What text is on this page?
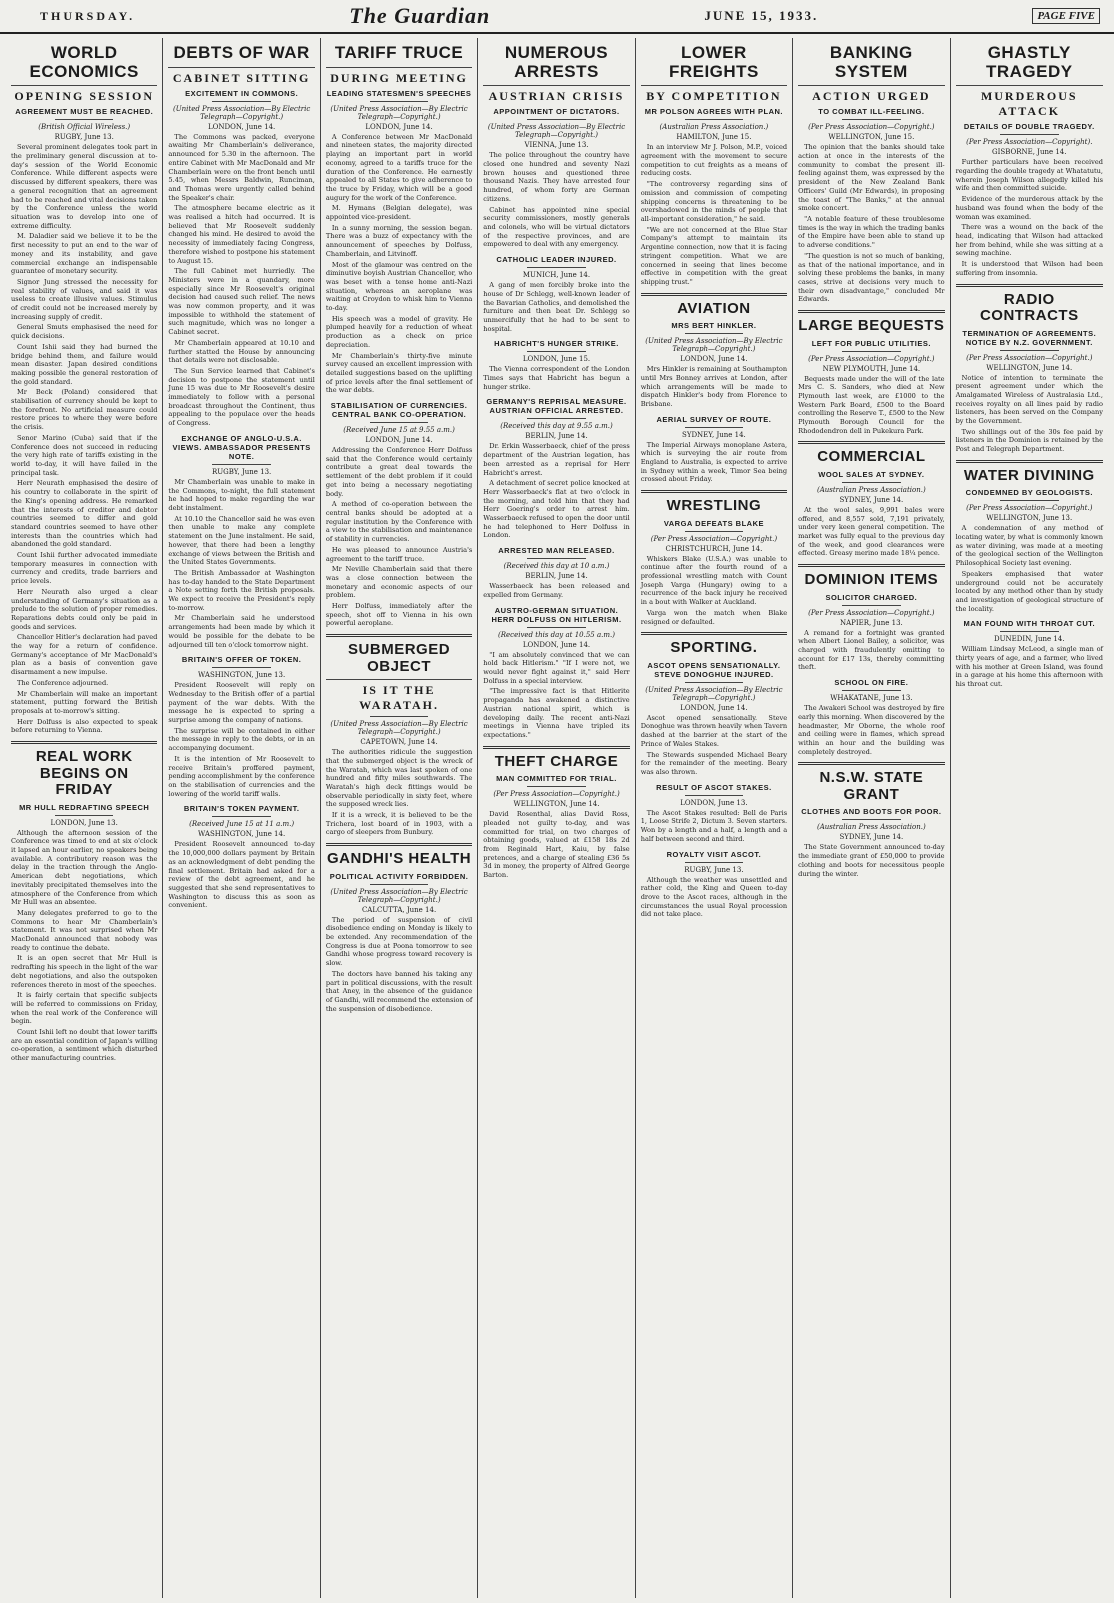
THURSDAY.	The Guardian	JUNE 15, 1933.	PAGE FIVE
WORLD ECONOMICS
OPENING SESSION
AGREEMENT MUST BE REACHED.
(British Official Wireless.)
RUGBY, June 13.

Several prominent delegates took part in the preliminary general discussion at to-day's session of the World Economic Conference. While different aspects were discussed by different speakers, there was a general recognition that an agreement had to be reached and vital decisions taken by the Conference unless the world situation was to develop into one of extreme difficulty.

M. Daladier said we believe it to be the first necessity to put an end to the war of money and its instability, and gave commercial exchange an indispensable guarantee of monetary security.

Signor Jung stressed the necessity for real stability of values, and said it was useless to create illusive values. Stimulus of credit could not be increased merely by increasing supply of credit.

General Smuts emphasised the need for quick decisions.

Count Ishii said they had burned the bridge behind them, and failure would mean disaster. Japan desired conditions making possible the general restoration of the gold standard.

Mr Beck (Poland) considered that stabilisation of currency should be kept to the forefront. No artificial measure could restore prices to where they were before the crisis.

Senor Marino (Cuba) said that if the Conference does not succeed in reducing the very high rate of tariffs existing in the world to-day, it will have failed in the principal task.

Herr Neurath emphasised the desire of his country to collaborate in the spirit of the King's opening address. He remarked that the interests of creditor and debtor countries seemed to differ and gold standard countries seemed to have other interests than the countries which had abandoned the gold standard.

Count Ishii further advocated immediate temporary measures in connection with currency and credits, trade barriers and price levels.

Herr Neurath also urged a clear understanding of Germany's situation as a prelude to the solution of proper remedies. Reparations debts could only be paid in goods and services.

Chancellor Hitler's declaration had paved the way for a return of confidence. Germany's acceptance of Mr MacDonald's plan as a basis of convention gave disarmament a new impulse.

The Conference adjourned.

Mr Chamberlain will make an important statement, putting forward the British proposals at to-morrow's sitting.

Herr Dolfuss is also expected to speak before returning to Vienna.

REAL WORK BEGINS ON FRIDAY
MR HULL REDRAFTING SPEECH
LONDON, June 13.

Although the afternoon session of the Conference was timed to end at six o'clock it lapsed an hour earlier, no speakers being available. A contributory reason was the delay in the traction through the Anglo-American debt negotiations, which inevitably precipitated themselves into the atmosphere of the Conference from which Mr Hull was an absentee.

Many delegates preferred to go to the Commons to hear Mr Chamberlain's statement. It was not surprised when Mr MacDonald announced that nobody was ready to continue the debate.

It is an open secret that Mr Hull is redrafting his speech in the light of the war debt negotiations, and also the outspoken references thereto in most of the speeches.

It is fairly certain that specific subjects will be referred to commissions on Friday, when the real work of the Conference will begin.

Count Ishii left no doubt that lower tariffs are an essential condition of Japan's willing co-operation, a sentiment which disturbed other manufacturing countries.

DEBTS OF WAR
CABINET SITTING
EXCITEMENT IN COMMONS.
(United Press Association—By Electric Telegraph—Copyright.)
LONDON, June 14.

The Commons was packed, everyone awaiting Mr Chamberlain's deliverance, announced for 5.30 in the afternoon. The entire Cabinet with Mr MacDonald and Mr Chamberlain were on the front bench until 5.45, when Messrs Baldwin, Runciman, and Thomas were urgently called behind the Speaker's chair.

The atmosphere became electric as it was realised a hitch had occurred. It is believed that Mr Roosevelt suddenly changed his mind. He desired to avoid the necessity of immediately facing Congress, therefore wished to postpone his statement to August 15.

The full Cabinet met hurriedly. The Ministers were in a quandary, more especially since Mr Roosevelt's original decision had caused such relief. The news was now common property, and it was impossible to withhold the statement of such magnitude, which was no longer a Cabinet secret.

Mr Chamberlain appeared at 10.10 and further statted the House by announcing that details were not disclosable.

The Sun Service learned that Cabinet's decision to postpone the statement until June 15 was due to Mr Roosevelt's desire immediately to follow with a personal broadcast throughout the Continent, thus appealing to the populace over the heads of Congress.

EXCHANGE OF ANGLO-U.S.A. VIEWS. AMBASSADOR PRESENTS NOTE.
RUGBY, June 13.

Mr Chamberlain was unable to make in the Commons, to-night, the full statement he had hoped to make regarding the war debt instalment.

At 10.10 the Chancellor said he was even then unable to make any complete statement on the June instalment. He said, however, that there had been a lengthy exchange of views between the British and the United States Governments.

The British Ambassador at Washington has to-day handed to the State Department a Note setting forth the British proposals. We expect to receive the President's reply to-morrow.

Mr Chamberlain said he understood arrangements had been made by which it would be possible for the debate to be adjourned till ten o'clock tomorrow night.

BRITAIN'S OFFER OF TOKEN.
WASHINGTON, June 13.

President Roosevelt will reply on Wednesday to the British offer of a partial payment of the war debts. With the message he is expected to spring a surprise among the company of nations.

The surprise will be contained in either the message in reply to the debts, or in an accompanying document.

It is the intention of Mr Roosevelt to receive Britain's proffered payment, pending accomplishment by the conference on the stabilisation of currencies and the lowering of the world tariff walls.

BRITAIN'S TOKEN PAYMENT.
(Received June 15 at 11 a.m.)
WASHINGTON, June 14.

President Roosevelt announced to-day the 10,000,000 dollars payment by Britain as an acknowledgment of debt pending the final settlement. Britain had asked for a review of the debt agreement, and he suggested that she send representatives to Washington to discuss this as soon as convenient.

TARIFF TRUCE
DURING MEETING
LEADING STATESMEN'S SPEECHES
(United Press Association—By Electric Telegraph—Copyright.)
LONDON, June 14.

A Conference between Mr MacDonald and nineteen states, the majority directed playing an important part in world economy, agreed to a tariffs truce for the duration of the Conference. He earnestly appealed to all States to give adherence to the truce by Friday, which will be a good augury for the work of the Conference.

M. Hymans (Belgian delegate), was appointed vice-president.

In a sunny morning, the session began. There was a buzz of expectancy with the announcement of speeches by Dolfuss, Chamberlain, and Litvinoff.

Most of the glamour was centred on the diminutive boyish Austrian Chancellor, who was beset with a tense home anti-Nazi situation, whereas an aeroplane was waiting at Croydon to whisk him to Vienna to-day.

His speech was a model of gravity. He plumped heavily for a reduction of wheat production as a check on price depreciation.

Mr Chamberlain's thirty-five minute survey caused an excellent impression with detailed suggestions based on the uplifting of price levels after the final settlement of the war debts.

STABILISATION OF CURRENCIES. CENTRAL BANK CO-OPERATION.
(Received June 15 at 9.55 a.m.)
LONDON, June 14.

Addressing the Conference Herr Dolfuss said that the Conference would certainly contribute a great deal towards the settlement of the debt problem if it could get into being a necessary negotiating body.

A method of co-operation between the central banks should be adopted at a regular institution by the Conference with a view to the stabilisation and maintenance of stability in currencies.

He was pleased to announce Austria's agreement to the tariff truce.

Mr Neville Chamberlain said that there was a close connection between the monetary and economic aspects of our problem.

Herr Dolfuss, immediately after the speech, shot off to Vienna in his own powerful aeroplane.

SUBMERGED OBJECT
IS IT THE WARATAH.
(United Press Association—By Electric Telegraph—Copyright.)
CAPETOWN, June 14.

The authorities ridicule the suggestion that the submerged object is the wreck of the Waratah, which was last spoken of one hundred and fifty miles southwards. The Waratah's high deck fittings would be observable periodically in sixty feet, where the supposed wreck lies.

If it is a wreck, it is believed to be the Trichera, lost board of in 1903, with a cargo of sleepers from Bunbury.

GANDHI'S HEALTH
POLITICAL ACTIVITY FORBIDDEN.
(United Press Association—By Electric Telegraph—Copyright.)
CALCUTTA, June 14.

The period of suspension of civil disobedience ending on Monday is likely to be extended. Any recommendation of the Congress is due at Poona tomorrow to see Gandhi whose progress toward recovery is slow.

The doctors have banned his taking any part in political discussions, with the result that Aney, in the absence of the guidance of Gandhi, will recommend the extension of the suspension of disobedience.

NUMEROUS ARRESTS
AUSTRIAN CRISIS
APPOINTMENT OF DICTATORS.
(United Press Association—By Electric Telegraph—Copyright.)
VIENNA, June 13.

The police throughout the country have closed one hundred and seventy Nazi brown houses and questioned three thousand Nazis. They have arrested four hundred, of whom forty are German citizens.

Cabinet has appointed nine special security commissioners, mostly generals and colonels, who will be virtual dictators of the respective provinces, and are empowered to deal with any emergency.

CATHOLIC LEADER INJURED.
MUNICH, June 14.

A gang of men forcibly broke into the house of Dr Schlegg, well-known leader of the Bavarian Catholics, and demolished the furniture and then beat Dr. Schlegg so unmercifully that he had to be sent to hospital.

HABRICHT'S HUNGER STRIKE.
LONDON, June 15.

The Vienna correspondent of the London Times says that Habricht has begun a hunger strike.

GERMANY'S REPRISAL MEASURE. AUSTRIAN OFFICIAL ARRESTED.
(Received this day at 9.55 a.m.)
BERLIN, June 14.

Dr. Erkin Wasserbaeck, chief of the press department of the Austrian legation, has been arrested as a reprisal for Herr Habricht's arrest.

A detachment of secret police knocked at Herr Wasserbaeck's flat at two o'clock in the morning, and told him that they had Herr Goering's order to arrest him. Wasserbaeck refused to open the door until he had telephoned to Herr Dolfuss in London.

ARRESTED MAN RELEASED.
(Received this day at 10 a.m.)
BERLIN, June 14.

Wasserbaeck has been released and expelled from Germany.

AUSTRO-GERMAN SITUATION. HERR DOLFUSS ON HITLERISM.
(Received this day at 10.55 a.m.)
LONDON, June 14.

"I am absolutely convinced that we can hold back Hitlerism." "If I were not, we would never fight against it," said Herr Dolfuss in a special interview.

"The impressive fact is that Hitlerite propaganda has awakened a distinctive Austrian national spirit, which is developing daily. The recent anti-Nazi meetings in Vienna have tripled its expectations."

THEFT CHARGE
MAN COMMITTED FOR TRIAL.
(Per Press Association—Copyright.)
WELLINGTON, June 14.

David Rosenthal, alias David Ross, pleaded not guilty to-day, and was committed for trial, on two charges of obtaining goods, valued at £158 18s 2d from Reginald Hart, Kaiu, by false pretences, and a charge of stealing £36 5s 3d in money, the property of Alfred George Barton.

LOWER FREIGHTS
BY COMPETITION
MR POLSON AGREES WITH PLAN.
(Australian Press Association.)
HAMILTON, June 15.

In an interview Mr J. Polson, M.P., voiced agreement with the movement to secure competition to cut freights as a means of reducing costs.

"The controversy regarding sins of omission and commission of competing shipping concerns is threatening to be overshadowed in the minds of people that all-important consideration," he said.

"We are not concerned at the Blue Star Company's attempt to maintain its Argentine connection, now that it is facing stringent competition. What we are concerned in seeing that lines become effective in competition with the great shipping trust."

AVIATION
MRS BERT HINKLER.
(United Press Association—By Electric Telegraph—Copyright.)
LONDON, June 14.

Mrs Hinkler is remaining at Southampton until Mrs Bonney arrives at London, after which arrangements will be made to dispatch Hinkler's body from Florence to Brisbane.

AERIAL SURVEY OF ROUTE.
SYDNEY, June 14.

The Imperial Airways monoplane Astera, which is surveying the air route from England to Australia, is expected to arrive in Sydney within a week, Timor Sea being crossed about Friday.

WRESTLING
VARGA DEFEATS BLAKE
(Per Press Association—Copyright.)
CHRISTCHURCH, June 14.

Whiskers Blake (U.S.A.) was unable to continue after the fourth round of a professional wrestling match with Count Joseph Varga (Hungary) owing to a recurrence of the back injury he received in a bout with Walker at Auckland.

Varga won the match when Blake resigned or defaulted.

SPORTING.
ASCOT OPENS SENSATIONALLY. STEVE DONOGHUE INJURED.
(United Press Association—By Electric Telegraph—Copyright.)
LONDON, June 14.

Ascot opened sensationally. Steve Donoghue was thrown heavily when Tavern dashed at the barrier at the start of the Prince of Wales Stakes.

The Stewards suspended Michael Beary for the remainder of the meeting. Beary was also thrown.

RESULT OF ASCOT STAKES.
LONDON, June 13.

The Ascot Stakes resulted: Bell de Paris 1, Loose Strife 2, Dictum 3. Seven starters. Won by a length and a half, a length and a half between second and third.

ROYALTY VISIT ASCOT.
RUGBY, June 13.

Although the weather was unsettled and rather cold, the King and Queen to-day drove to the Ascot races, although in the circumstances the usual Royal procession did not take place.

BANKING SYSTEM
ACTION URGED
TO COMBAT ILL-FEELING.
(Per Press Association—Copyright.)
WELLINGTON, June 15.

The opinion that the banks should take action at once in the interests of the community to combat the present ill-feeling against them, was expressed by the president of the New Zealand Bank Officers' Guild (Mr Edwards), in proposing the toast of "The Banks," at the annual smoke concert.

"A notable feature of these troublesome times is the way in which the trading banks of the Empire have been able to stand up to adverse conditions."

"The question is not so much of banking, as that of the national importance, and in solving these problems the banks, in many cases, strive at decisions very much to their own disadvantage," concluded Mr Edwards.

LARGE BEQUESTS
LEFT FOR PUBLIC UTILITIES.
(Per Press Association—Copyright.)
NEW PLYMOUTH, June 14.

Bequests made under the will of the late Mrs C. S. Sanders, who died at New Plymouth last week, are £1000 to the Western Park Board, £500 to the Board controlling the Reserve T., £500 to the New Plymouth Borough Council for the Rhododendron dell in Pukekura Park.

COMMERCIAL
WOOL SALES AT SYDNEY.
(Australian Press Association.)
SYDNEY, June 14.

At the wool sales, 9,991 bales were offered, and 8,557 sold, 7,191 privately, under very keen general competition. The market was fully equal to the previous day of the week, and good clearances were effected. Greasy merino made 18¼ pence.

DOMINION ITEMS
SOLICITOR CHARGED.
(Per Press Association—Copyright.)
NAPIER, June 13.

A remand for a fortnight was granted when Albert Lionel Bailey, a solicitor, was charged with fraudulently omitting to account for £17 13s, thereby committing theft.

SCHOOL ON FIRE.
WHAKATANE, June 13.

The Awakeri School was destroyed by fire early this morning. When discovered by the headmaster, Mr Oborne, the whole roof and ceiling were in flames, which spread within an hour and the building was completely destroyed.

N.S.W. STATE GRANT
CLOTHES AND BOOTS FOR POOR.
(Australian Press Association.)
SYDNEY, June 14.

The State Government announced to-day the immediate grant of £50,000 to provide clothing and boots for necessitous people during the winter.

GHASTLY TRAGEDY
MURDEROUS ATTACK
DETAILS OF DOUBLE TRAGEDY.
(Per Press Association—Copyright).
GISBORNE, June 14.

Further particulars have been received regarding the double tragedy at Whatatutu, wherein Joseph Wilson allegedly killed his wife and then committed suicide.

Evidence of the murderous attack by the husband was found when the body of the woman was examined.

There was a wound on the back of the head, indicating that Wilson had attacked her from behind, while she was sitting at a sewing machine.

It is understood that Wilson had been suffering from insomnia.

RADIO CONTRACTS
TERMINATION OF AGREEMENTS. NOTICE BY N.Z. GOVERNMENT.
(Per Press Association—Copyright.)
WELLINGTON, June 14.

Notice of intention to terminate the present agreement under which the Amalgamated Wireless of Australasia Ltd., receives royalty on all lines paid by radio listeners, has been served on the Company by the Government.

Two shillings out of the 30s fee paid by listeners in the Dominion is retained by the Post and Telegraph Department.

WATER DIVINING
CONDEMNED BY GEOLOGISTS.
(Per Press Association—Copyright.)
WELLINGTON, June 13.

A condemnation of any method of locating water, by what is commonly known as water divining, was made at a meeting of the geological section of the Wellington Philosophical Society last evening.

Speakers emphasised that water underground could not be accurately located by any method other than by study and investigation of geological structure of the locality.

MAN FOUND WITH THROAT CUT.
DUNEDIN, June 14.

William Lindsay McLeod, a single man of thirty years of age, and a farmer, who lived with his mother at Green Island, was found in a garage at his home this afternoon with his throat cut.
